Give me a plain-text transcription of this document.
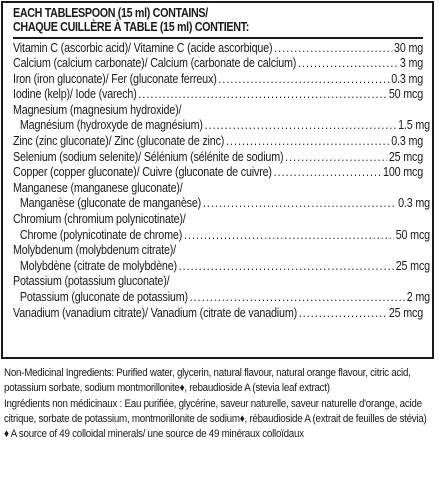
EACH TABLESPOON (15 ml) CONTAINS/
CHAQUE CUILLÈRE À TABLE (15 ml) CONTIENT:
Vitamin C (ascorbic acid)/ Vitamine C (acide ascorbique) .....	30 mg
Calcium (calcium carbonate)/ Calcium (carbonate de calcium) .....	3 mg
Iron (iron gluconate)/ Fer (gluconate ferreux) .....	0.3 mg
Iodine (kelp)/ Iode (varech) .....	50 mcg
Magnesium (magnesium hydroxide)/
Magnésium (hydroxyde de magnésium) .....	1.5 mg
Zinc (zinc gluconate)/ Zinc (gluconate de zinc) .....	0.3 mg
Selenium (sodium selenite)/ Sélénium (sélénite de sodium) .....	25 mcg
Copper (copper gluconate)/ Cuivre (gluconate de cuivre) .....	100 mcg
Manganese (manganese gluconate)/
Manganèse (gluconate de manganèse) .....	0.3 mg
Chromium (chromium polynicotinate)/
Chrome (polynicotinate de chrome) .....	50 mcg
Molybdenum (molybdenum citrate)/
Molybdène (citrate de molybdène) .....	25 mcg
Potassium (potassium gluconate)/
Potassium (gluconate de potassium) .....	2 mg
Vanadium (vanadium citrate)/ Vanadium (citrate de vanadium) .....	25 mcg

Non-Medicinal Ingredients: Purified water, glycerin, natural flavour, natural orange flavour, citric acid, potassium sorbate, sodium montmorillonite♦, rebaudioside A (stevia leaf extract)

Ingrédients non médicinaux : Eau purifiée, glycérine, saveur naturelle, saveur naturelle d'orange, acide citrique, sorbate de potassium, montmorillonite de sodium♦, rébaudioside A (extrait de feuilles de stévia)

♦ A source of 49 colloidal minerals/ une source de 49 minéraux colloïdaux
